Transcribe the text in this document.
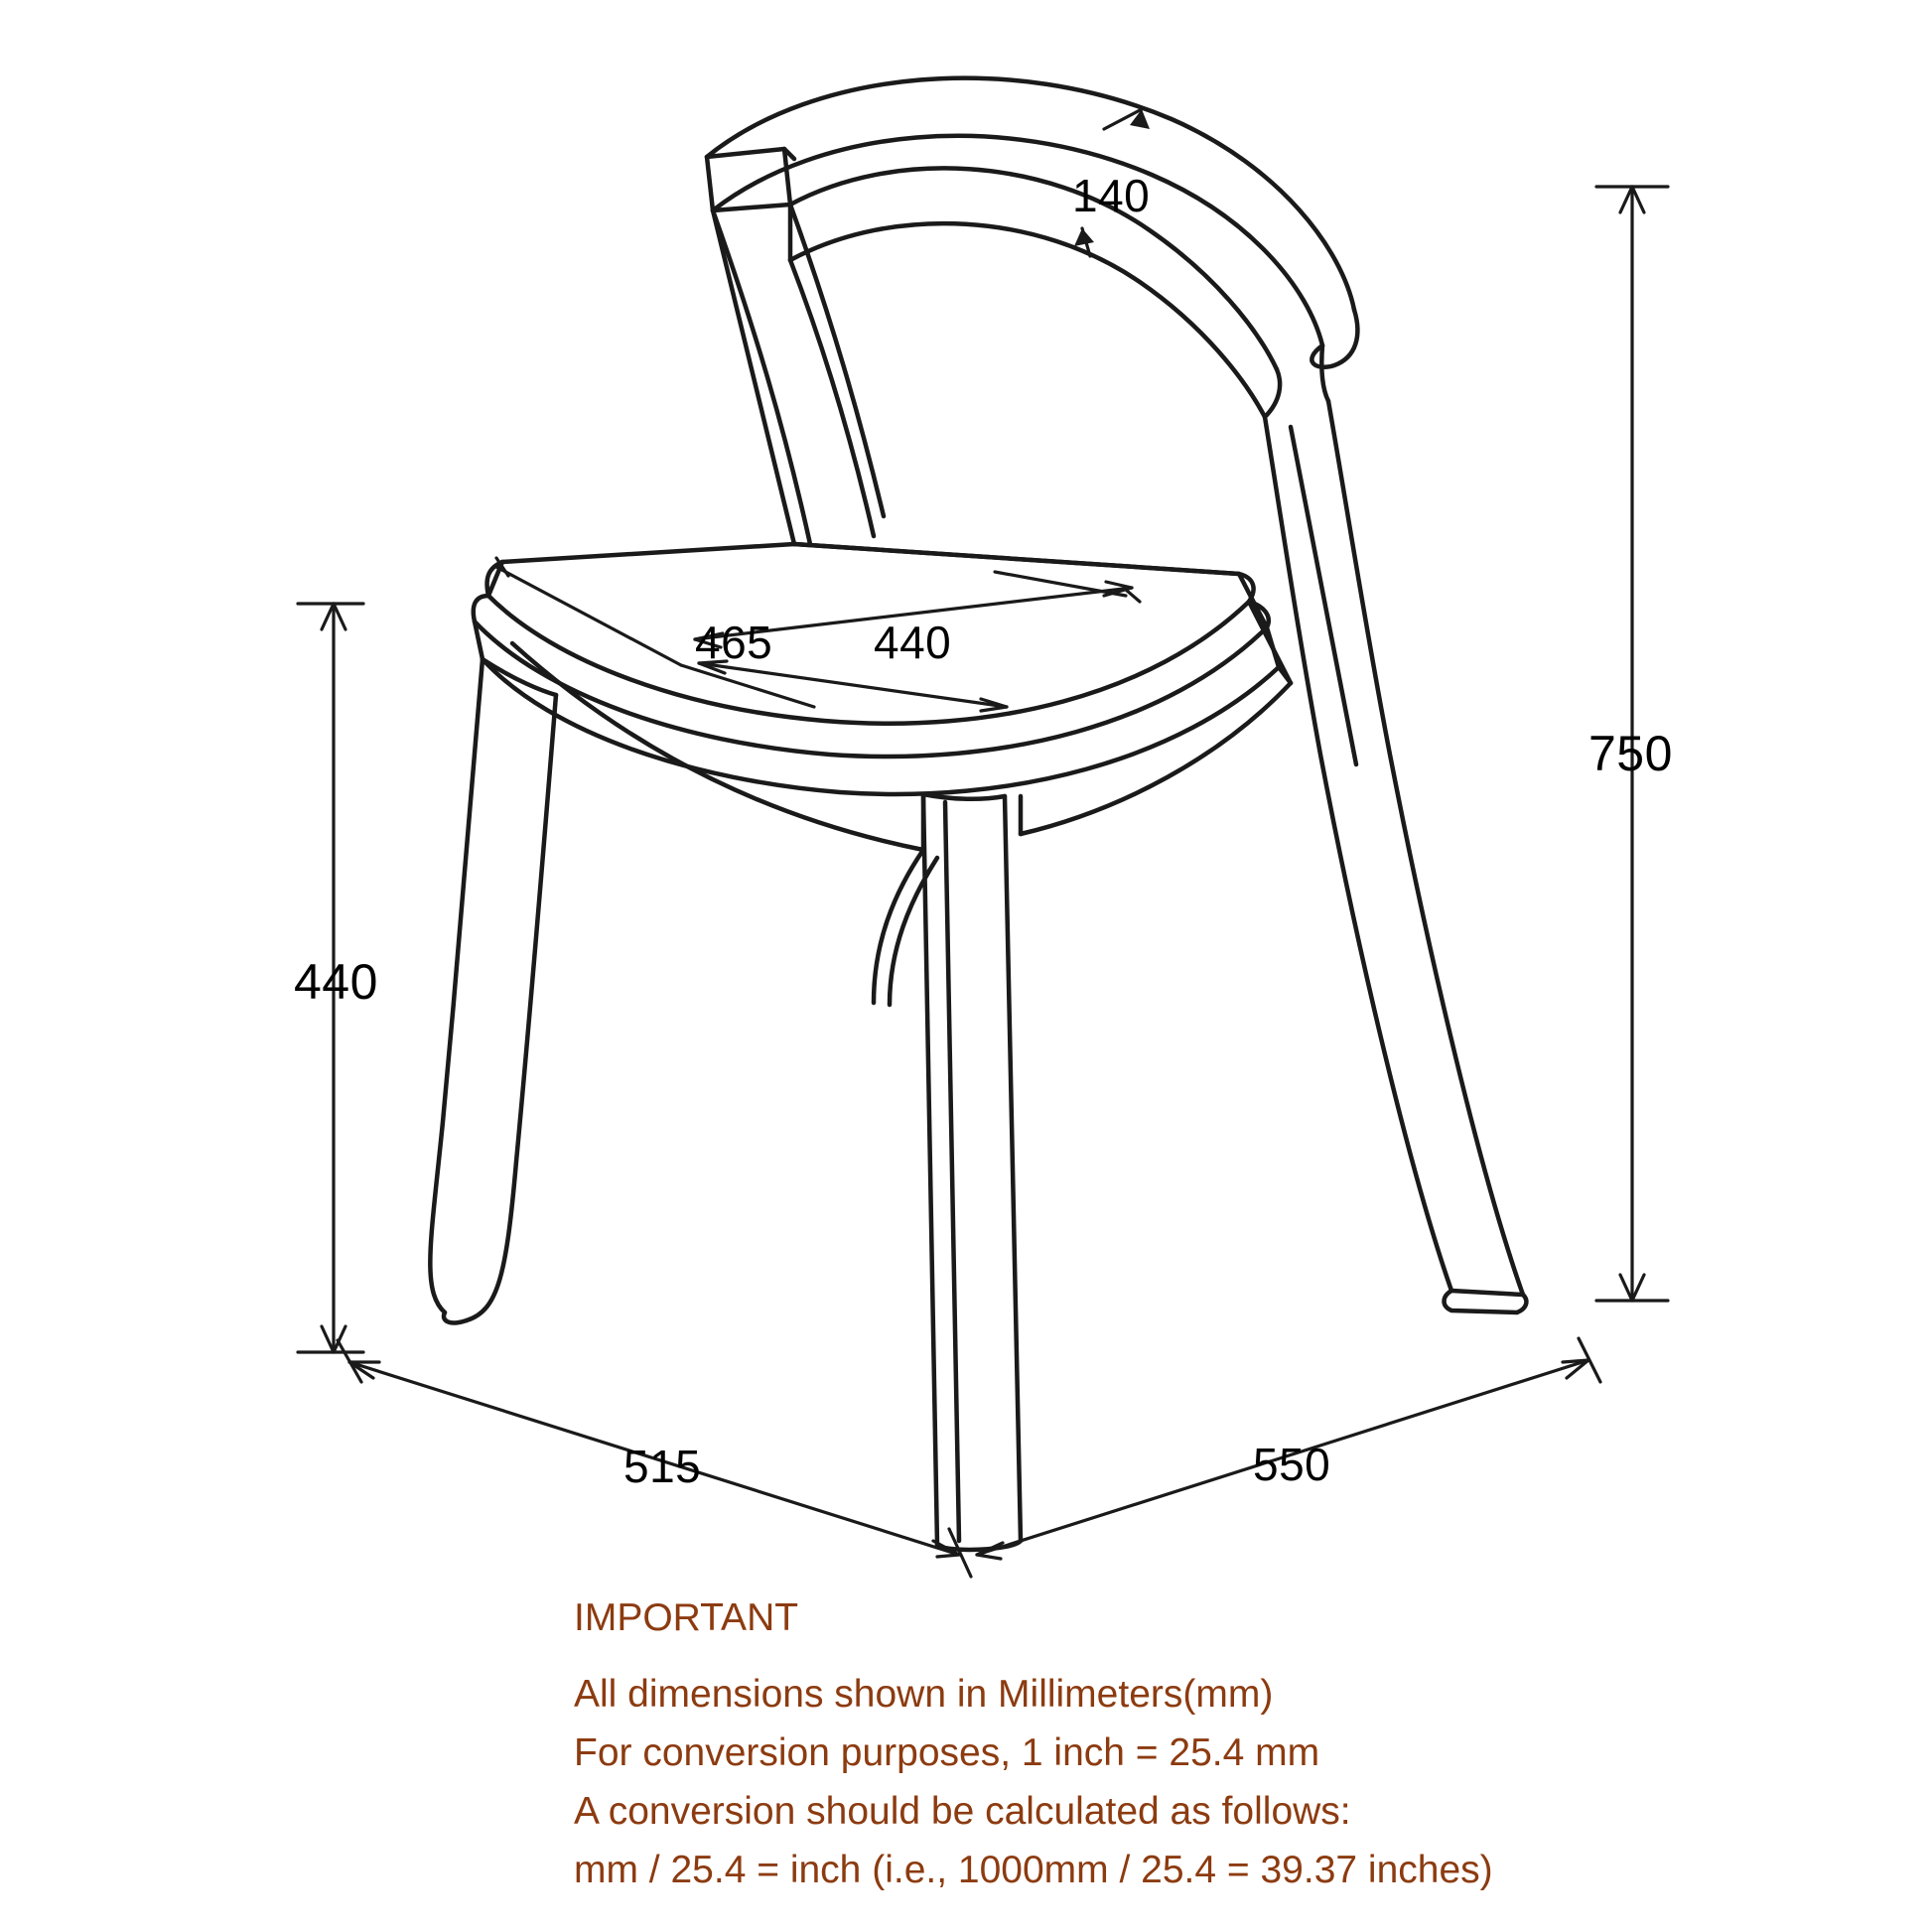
140
465 440
750
440
515	550
IMPORTANT
All dimensions shown in Millimeters(mm)
For conversion purposes, 1 inch = 25.4 mm
A conversion should be calculated as follows:
mm / 25.4 = inch (i.e., 1000mm / 25.4 = 39.37 inches)
